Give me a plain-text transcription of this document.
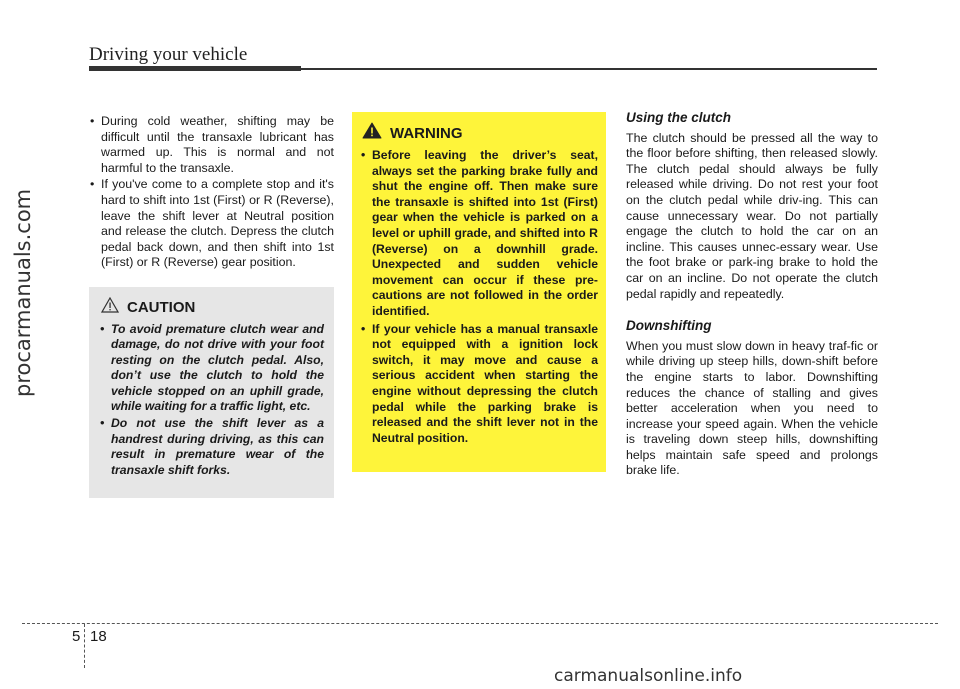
Driving your vehicle
procarmanuals.com
• During cold weather, shifting may be difficult until the transaxle lubricant has warmed up. This is normal and not harmful to the transaxle.
• If you've come to a complete stop and it's hard to shift into 1st (First) or R (Reverse), leave the shift lever at Neutral position and release the clutch. Depress the clutch pedal back down, and then shift into 1st (First) or R (Reverse) gear position.
CAUTION
• To avoid premature clutch wear and damage, do not drive with your foot resting on the clutch pedal. Also, don’t use the clutch to hold the vehicle stopped on an uphill grade, while waiting for a traffic light, etc.
• Do not use the shift lever as a handrest during driving, as this can result in premature wear of the transaxle shift forks.
WARNING
• Before leaving the driver’s seat, always set the parking brake fully and shut the engine off. Then make sure the transaxle is shifted into 1st (First) gear when the vehicle is parked on a level or uphill grade, and shifted into R (Reverse) on a downhill grade. Unexpected and sudden vehicle movement can occur if these pre-cautions are not followed in the order identified.
• If your vehicle has a manual transaxle not equipped with a ignition lock switch, it may move and cause a serious accident when starting the engine without depressing the clutch pedal while the parking brake is released and the shift lever not in the Neutral position.

Using the clutch

The clutch should be pressed all the way to the floor before shifting, then released slowly. The clutch pedal should always be fully released while driving. Do not rest your foot on the clutch pedal while driv-ing. This can cause unnecessary wear. Do not partially engage the clutch to hold the car on an incline. This causes unnec-essary wear. Use the foot brake or park-ing brake to hold the car on an incline. Do not operate the clutch pedal rapidly and repeatedly.

Downshifting

When you must slow down in heavy traf-fic or while driving up steep hills, down-shift before the engine starts to labor. Downshifting reduces the chance of stalling and gives better acceleration when you need to increase your speed again. When the vehicle is traveling down steep hills, downshifting helps maintain safe speed and prolongs brake life.

5 18
carmanualsonline.info
